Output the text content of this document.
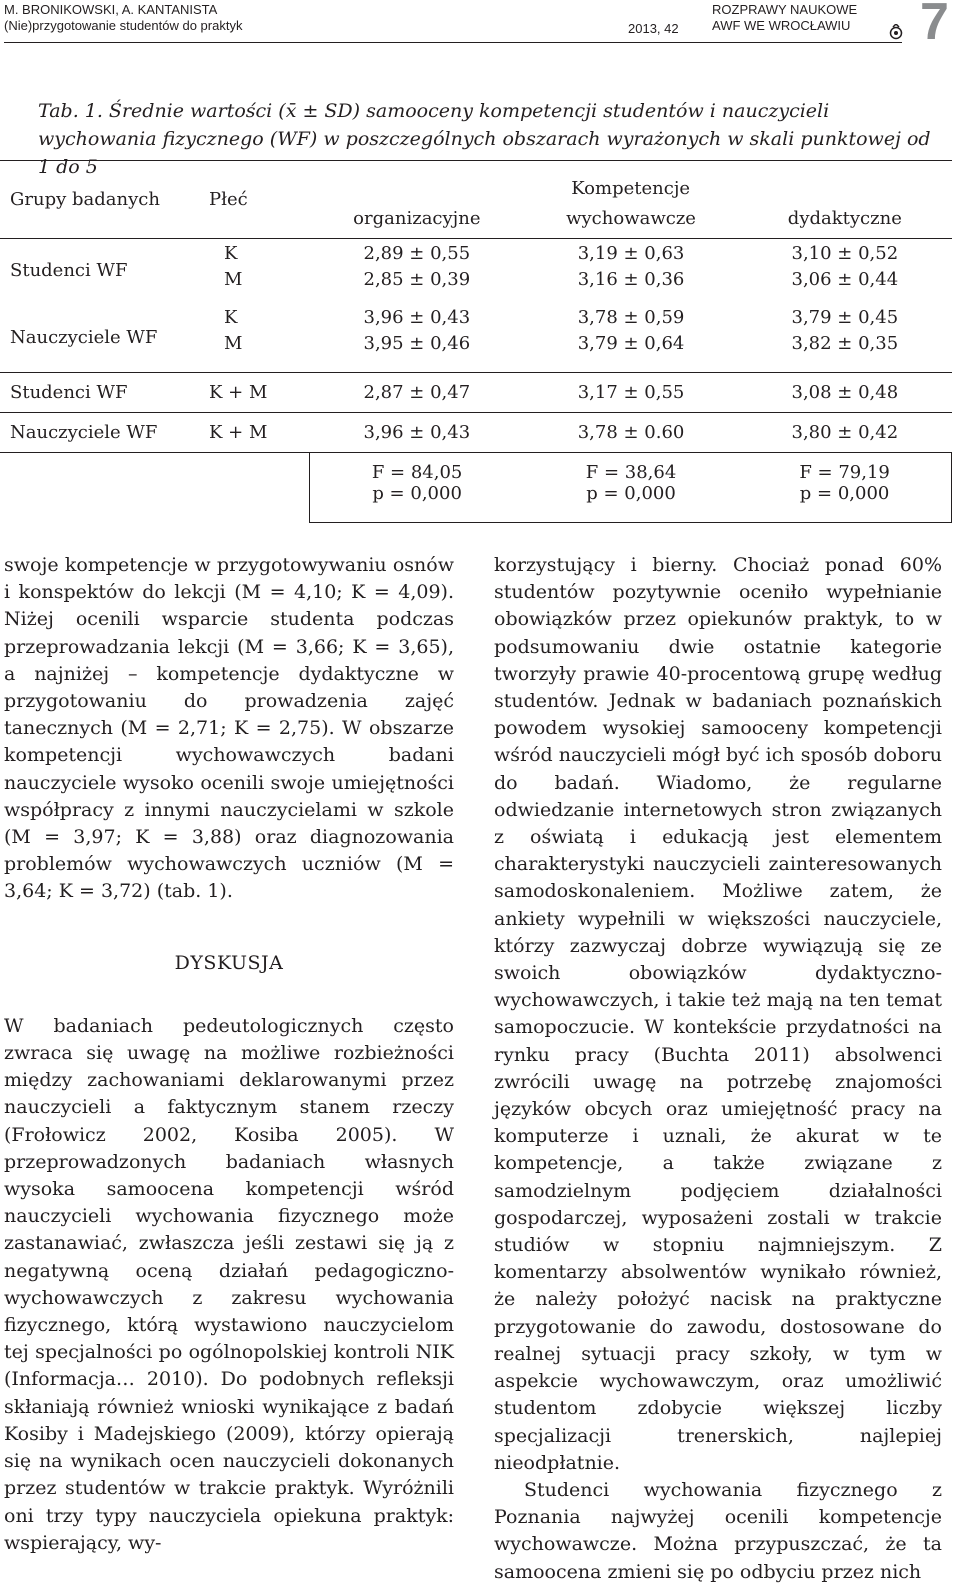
M. BRONIKOWSKI, A. KANTANISTA
(Nie)przygotowanie studentów do praktyk	2013, 42
ROZPRAWY NAUKOWE
AWF WE WROCŁAWIU 7
Tab. 1. Średnie wartości (x̄ ± SD) samooceny kompetencji studentów i nauczycieli wychowania fizycznego (WF) w poszczególnych obszarach wyrażonych w skali punktowej od 1 do 5
Grupy badanych	Płeć	Kompetencje		
		organizacyjne	wychowawcze	dydaktyczne
Studenci WF	K	2,89 ± 0,55	3,19 ± 0,63	3,10 ± 0,52
	M	2,85 ± 0,39	3,16 ± 0,36	3,06 ± 0,44
Nauczyciele WF	K	3,96 ± 0,43	3,78 ± 0,59	3,79 ± 0,45
	M	3,95 ± 0,46	3,79 ± 0,64	3,82 ± 0,35
Studenci WF	K + M	2,87 ± 0,47	3,17 ± 0,55	3,08 ± 0,48
Nauczyciele WF	K + M	3,96 ± 0,43	3,78 ± 0.60	3,80 ± 0,42
		F = 84,05	F = 38,64	F = 79,19
		p = 0,000	p = 0,000	p = 0,000

swoje kompetencje w przygotowywaniu osnów i konspektów do lekcji (M = 4,10; K = 4,09). Niżej ocenili wsparcie studenta podczas przeprowadzania lekcji (M = 3,66; K = 3,65), a najniżej – kompetencje dydaktyczne w przygotowaniu do prowadzenia zajęć tanecznych (M = 2,71; K = 2,75). W obszarze kompetencji wychowawczych badani nauczyciele wysoko ocenili swoje umiejętności współpracy z innymi nauczycielami w szkole (M = 3,97; K = 3,88) oraz diagnozowania problemów wychowawczych uczniów (M = 3,64; K = 3,72) (tab. 1).

DYSKUSJA

W badaniach pedeutologicznych często zwraca się uwagę na możliwe rozbieżności między zachowaniami deklarowanymi przez nauczycieli a faktycznym stanem rzeczy (Frołowicz 2002, Kosiba 2005). W przeprowadzonych badaniach własnych wysoka samoocena kompetencji wśród nauczycieli wychowania fizycznego może zastanawiać, zwłaszcza jeśli zestawi się ją z negatywną oceną działań pedagogiczno-wychowawczych z zakresu wychowania fizycznego, którą wystawiono nauczycielom tej specjalności po ogólnopolskiej kontroli NIK (Informacja… 2010). Do podobnych refleksji skłaniają również wnioski wynikające z badań Kosiby i Madejskiego (2009), którzy opierają się na wynikach ocen nauczycieli dokonanych przez studentów w trakcie praktyk. Wyróżnili oni trzy typy nauczyciela opiekuna praktyk: wspierający, wy-

korzystujący i bierny. Chociaż ponad 60% studentów pozytywnie oceniło wypełnianie obowiązków przez opiekunów praktyk, to w podsumowaniu dwie ostatnie kategorie tworzyły prawie 40-procentową grupę według studentów. Jednak w badaniach poznańskich powodem wysokiej samooceny kompetencji wśród nauczycieli mógł być ich sposób doboru do badań. Wiadomo, że regularne odwiedzanie internetowych stron związanych z oświatą i edukacją jest elementem charakterystyki nauczycieli zainteresowanych samodoskonaleniem. Możliwe zatem, że ankiety wypełnili w większości nauczyciele, którzy zazwyczaj dobrze wywiązują się ze swoich obowiązków dydaktyczno-wychowawczych, i takie też mają na ten temat samopoczucie. W kontekście przydatności na rynku pracy (Buchta 2011) absolwenci zwrócili uwagę na potrzebę znajomości języków obcych oraz umiejętność pracy na komputerze i uznali, że akurat w te kompetencje, a także związane z samodzielnym podjęciem działalności gospodarczej, wyposażeni zostali w trakcie studiów w stopniu najmniejszym. Z komentarzy absolwentów wynikało również, że należy położyć nacisk na praktyczne przygotowanie do zawodu, dostosowane do realnej sytuacji pracy szkoły, w tym w aspekcie wychowawczym, oraz umożliwić studentom zdobycie większej liczby specjalizacji trenerskich, najlepiej nieodpłatnie.

Studenci wychowania fizycznego z Poznania najwyżej ocenili kompetencje wychowawcze. Można przypuszczać, że ta samoocena zmieni się po odbyciu przez nich
